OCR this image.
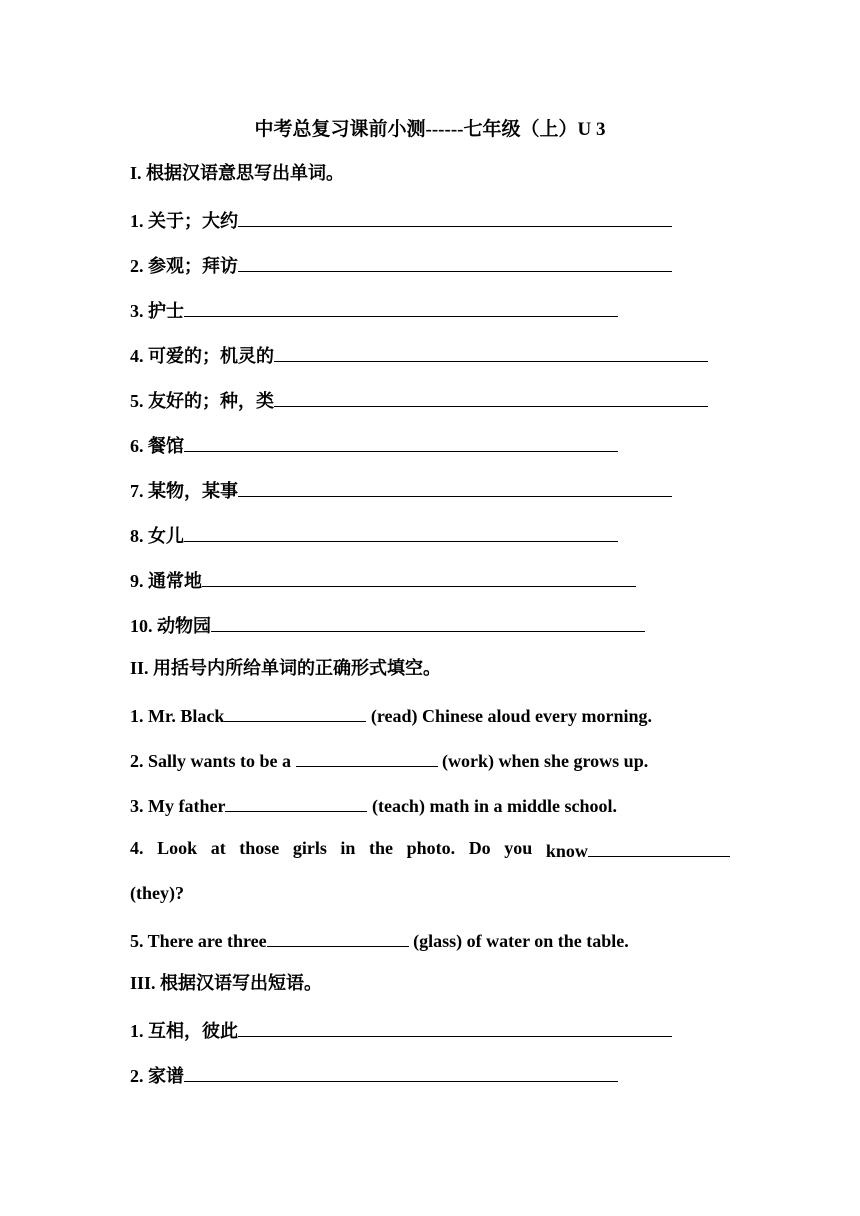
中考总复习课前小测------七年级（上）U 3
I. 根据汉语意思写出单词。
1. 关于；大约
2. 参观；拜访
3. 护士
4. 可爱的；机灵的
5. 友好的；种，类
6. 餐馆
7. 某物，某事
8. 女儿
9. 通常地
10. 动物园
II. 用括号内所给单词的正确形式填空。
1. Mr. Black	(read) Chinese aloud every morning.
2. Sally wants to be a	(work) when she grows up.
3. My father	(teach) math in a middle school.
4. Look at those girls in the photo. Do you know
(they)?
5. There are three	(glass) of water on the table.
III. 根据汉语写出短语。
1. 互相，彼此
2. 家谱
